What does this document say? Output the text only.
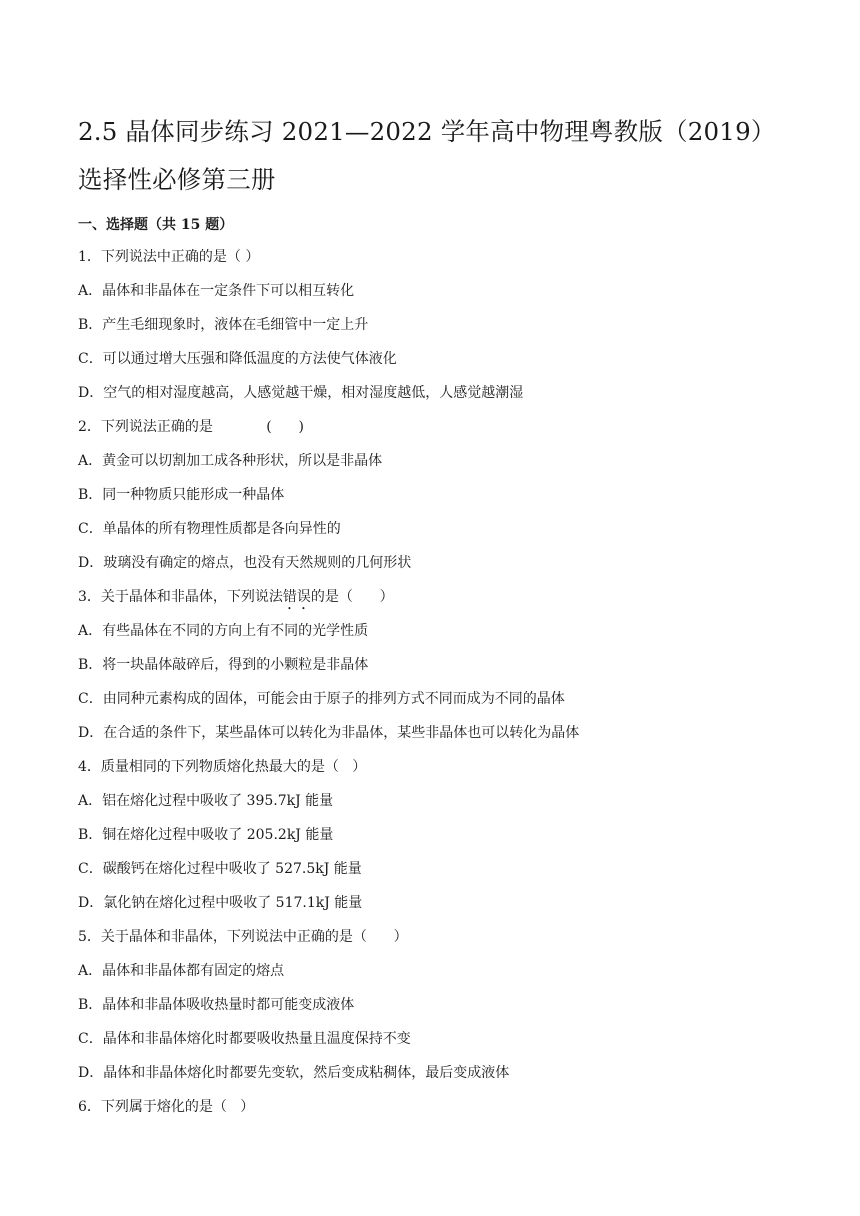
2.5 晶体同步练习 2021—2022 学年高中物理粤教版（2019）选择性必修第三册
一、选择题（共 15 题）
1．下列说法中正确的是（ ）
A．晶体和非晶体在一定条件下可以相互转化
B．产生毛细现象时，液体在毛细管中一定上升
C．可以通过增大压强和降低温度的方法使气体液化
D．空气的相对湿度越高，人感觉越干燥，相对湿度越低，人感觉越潮湿
2．下列说法正确的是            (      )
A．黄金可以切割加工成各种形状，所以是非晶体
B．同一种物质只能形成一种晶体
C．单晶体的所有物理性质都是各向异性的
D．玻璃没有确定的熔点，也没有天然规则的几何形状
3．关于晶体和非晶体，下列说法错误的是（      ）
A．有些晶体在不同的方向上有不同的光学性质
B．将一块晶体敲碎后，得到的小颗粒是非晶体
C．由同种元素构成的固体，可能会由于原子的排列方式不同而成为不同的晶体
D．在合适的条件下，某些晶体可以转化为非晶体，某些非晶体也可以转化为晶体
4．质量相同的下列物质熔化热最大的是（   ）
A．铝在熔化过程中吸收了 395.7kJ 能量
B．铜在熔化过程中吸收了 205.2kJ 能量
C．碳酸钙在熔化过程中吸收了 527.5kJ 能量
D．氯化钠在熔化过程中吸收了 517.1kJ 能量
5．关于晶体和非晶体，下列说法中正确的是（      ）
A．晶体和非晶体都有固定的熔点
B．晶体和非晶体吸收热量时都可能变成液体
C．晶体和非晶体熔化时都要吸收热量且温度保持不变
D．晶体和非晶体熔化时都要先变软，然后变成粘稠体，最后变成液体
6．下列属于熔化的是（   ）
